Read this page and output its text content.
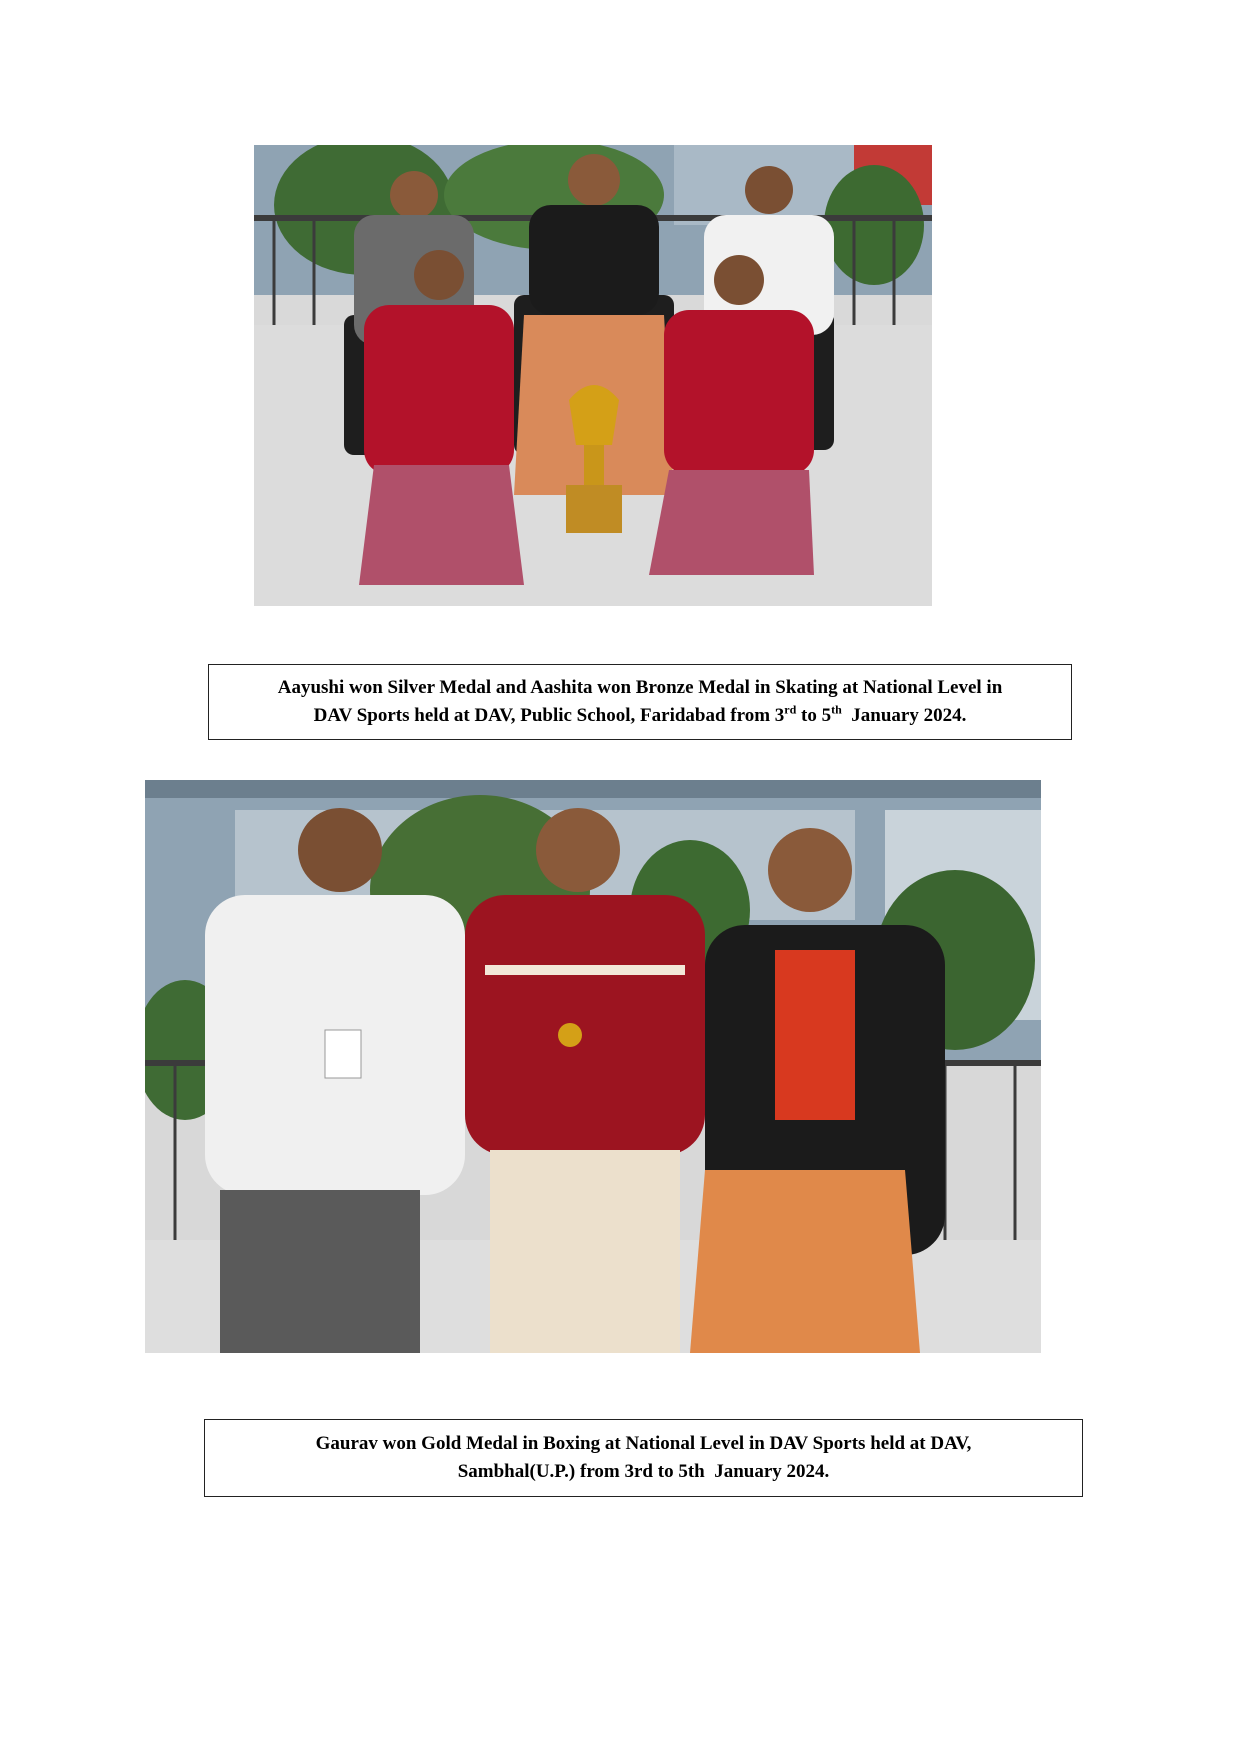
Aayushi won Silver Medal and Aashita won Bronze Medal in Skating at National Level in
DAV Sports held at DAV, Public School, Faridabad from 3rd to 5th  January 2024.
Gaurav won Gold Medal in Boxing at National Level in DAV Sports held at DAV,
Sambhal(U.P.) from 3rd to 5th  January 2024.
